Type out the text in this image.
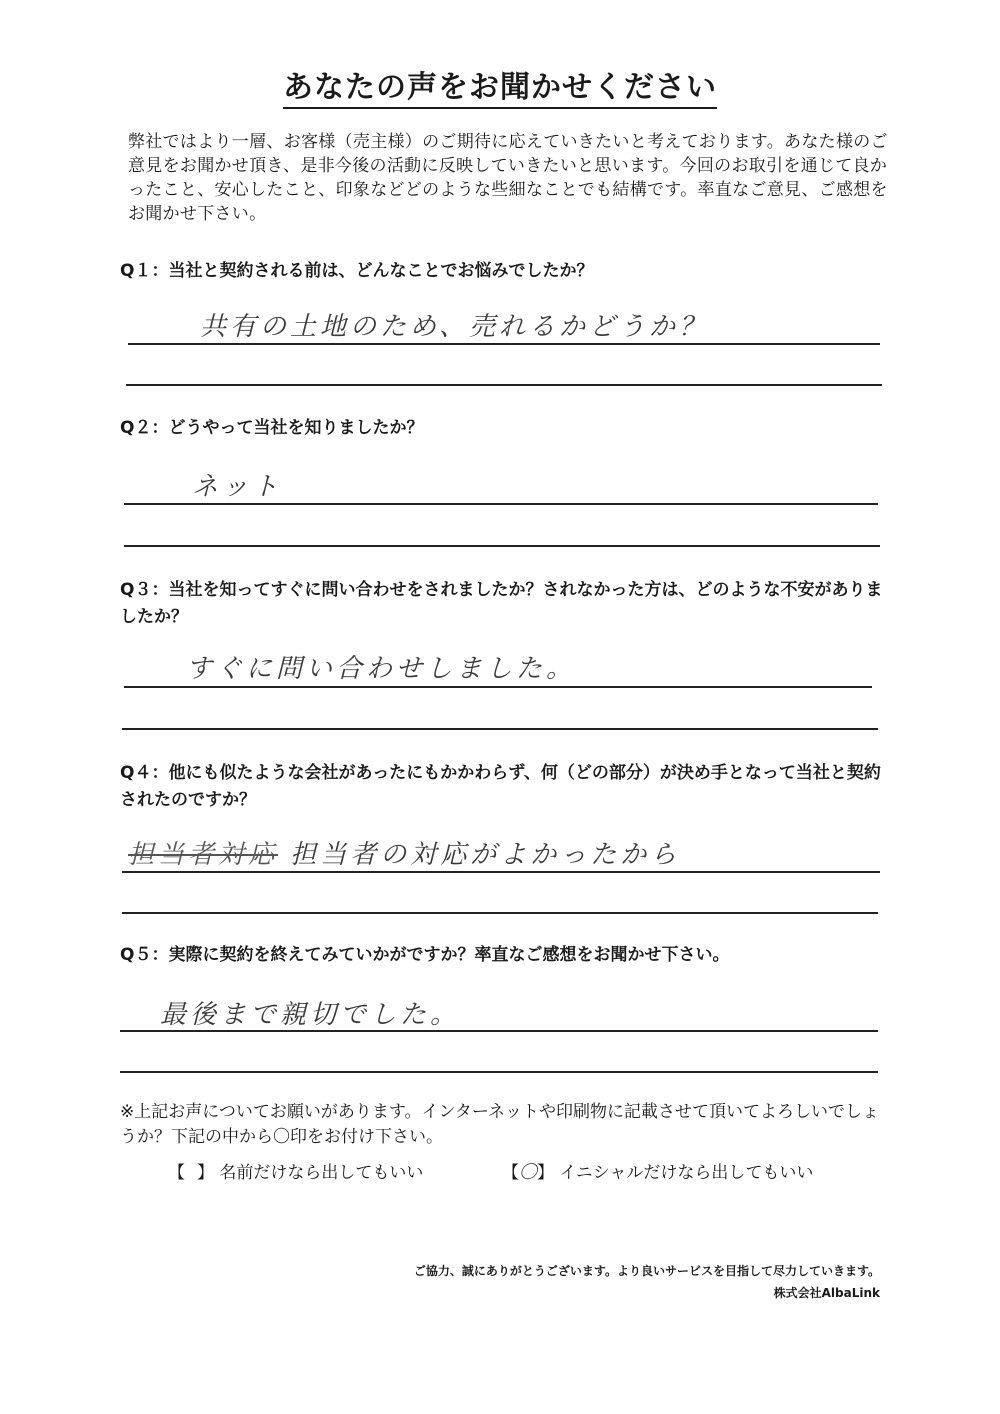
あなたの声をお聞かせください
弊社ではより一層、お客様（売主様）のご期待に応えていきたいと考えております。あなた様のご意見をお聞かせ頂き、是非今後の活動に反映していきたいと思います。今回のお取引を通じて良かったこと、安心したこと、印象などどのような些細なことでも結構です。率直なご意見、ご感想をお聞かせ下さい。
Q１：当社と契約される前は、どんなことでお悩みでしたか？
共有の土地のため、売れるかどうか？
Q２：どうやって当社を知りましたか？
ネット
Q３：当社を知ってすぐに問い合わせをされましたか？されなかった方は、どのような不安がありましたか？
すぐに問い合わせしました。
Q４：他にも似たような会社があったにもかかわらず、何（どの部分）が決め手となって当社と契約されたのですか？
担当者対応 担当者の対応がよかったから
Q５：実際に契約を終えてみていかがですか？率直なご感想をお聞かせ下さい。
最後まで親切でした。
※上記お声についてお願いがあります。インターネットや印刷物に記載させて頂いてよろしいでしょうか？下記の中から〇印をお付け下さい。
【 】 名前だけなら出してもいい	【〇】 イニシャルだけなら出してもいい
ご協力、誠にありがとうございます。より良いサービスを目指して尽力していきます。
株式会社AlbaLink
